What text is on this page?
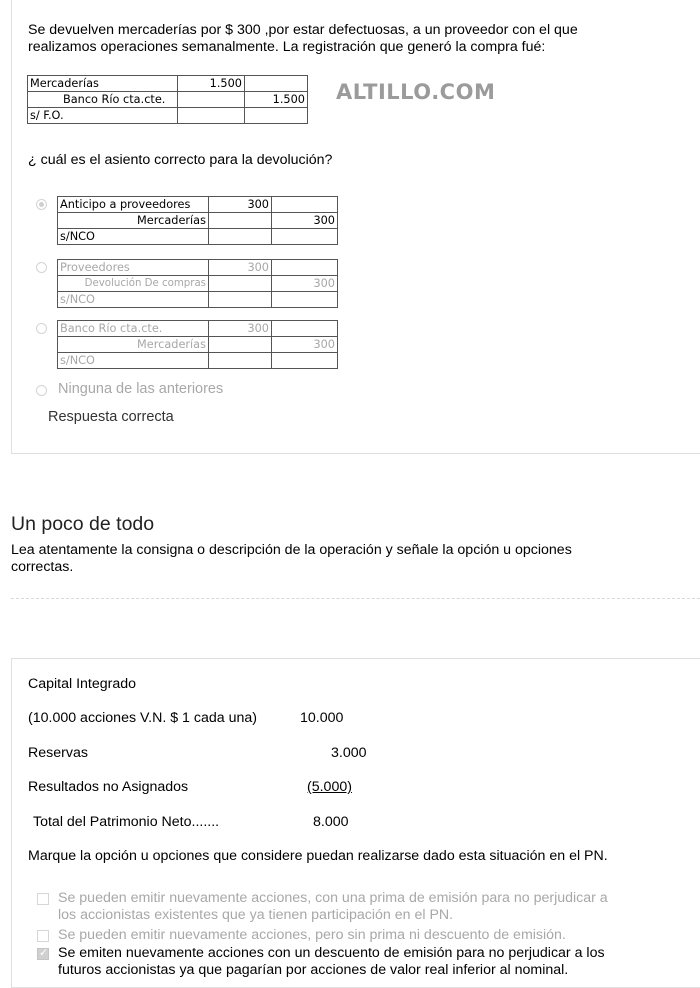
Se devuelven mercaderías por $ 300 ,por estar defectuosas, a un proveedor con el que
realizamos operaciones semanalmente. La registración que generó la compra fué:
Mercaderías	1.500	
Banco Río cta.cte.		1.500
s/ F.O.		
ALTILLO.COM
¿ cuál es el asiento correcto para la devolución?
Anticipo a proveedores	300	
Mercaderías		300
s/NCO		
Proveedores	300	
Devolución De compras		300
s/NCO		
Banco Río cta.cte.	300	
Mercaderías		300
s/NCO		
Ninguna de las anteriores
Respuesta correcta
Un poco de todo
Lea atentamente la consigna o descripción de la operación y señale la opción u opciones
correctas.
Capital Integrado
(10.000 acciones V.N. $ 1 cada una)	10.000
Reservas	3.000
Resultados no Asignados	(5.000)
Total del Patrimonio Neto.......	8.000
Marque la opción u opciones que considere puedan realizarse dado esta situación en el PN.
Se pueden emitir nuevamente acciones, con una prima de emisión para no perjudicar a
los accionistas existentes que ya tienen participación en el PN.
Se pueden emitir nuevamente acciones, pero sin prima ni descuento de emisión.
✓
Se emiten nuevamente acciones con un descuento de emisión para no perjudicar a los
futuros accionistas ya que pagarían por acciones de valor real inferior al nominal.
